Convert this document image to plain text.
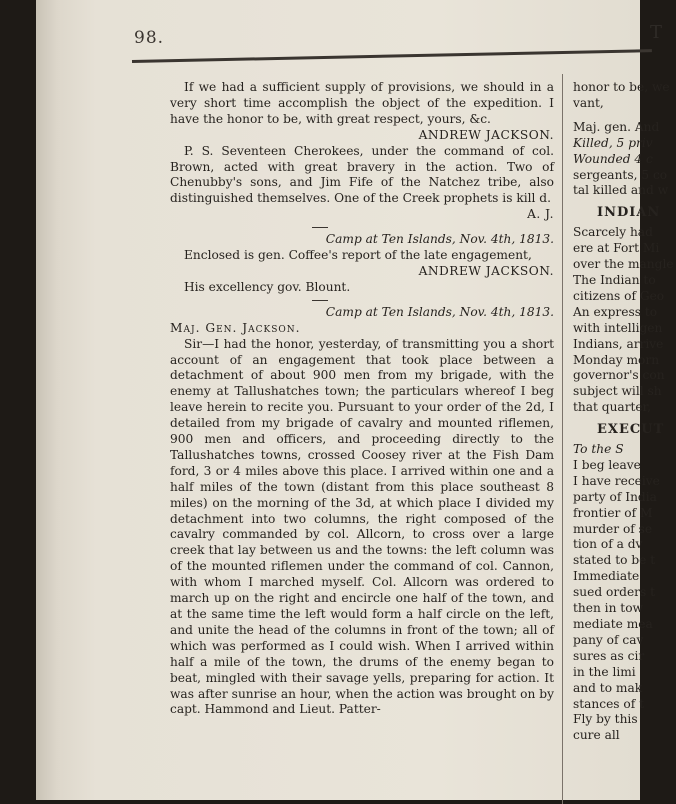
98.	T

If we had a sufficient supply of provisions, we should in a very short time accomplish the object of the expedition. I have the honor to be, with great respect, yours, &c.

ANDREW JACKSON.

P. S. Seventeen Cherokees, under the command of col. Brown, acted with great bravery in the action. Two of Chenubby's sons, and Jim Fife of the Natchez tribe, also distinguished themselves. One of the Creek prophets is kill d.

A. J.

Camp at Ten Islands, Nov. 4th, 1813.

Enclosed is gen. Coffee's report of the late engagement,

ANDREW JACKSON.

His excellency gov. Blount.

Camp at Ten Islands, Nov. 4th, 1813.

Maj. Gen. Jackson.

Sir—I had the honor, yesterday, of transmitting you a short account of an engagement that took place between a detachment of about 900 men from my brigade, with the enemy at Tallushatches town; the particulars whereof I beg leave herein to recite you. Pursuant to your order of the 2d, I detailed from my brigade of cavalry and mounted riflemen, 900 men and officers, and proceeding directly to the Tallushatches towns, crossed Coosey river at the Fish Dam ford, 3 or 4 miles above this place. I arrived within one and a half miles of the town (distant from this place southeast 8 miles) on the morning of the 3d, at which place I divided my detachment into two columns, the right composed of the cavalry commanded by col. Allcorn, to cross over a large creek that lay between us and the towns: the left column was of the mounted riflemen under the command of col. Cannon, with whom I marched myself. Col. Allcorn was ordered to march up on the right and encircle one half of the town, and at the same time the left would form a half circle on the left, and unite the head of the columns in front of the town; all of which was performed as I could wish. When I arrived within half a mile of the town, the drums of the enemy began to beat, mingled with their savage yells, preparing for action. It was after sunrise an hour, when the action was brought on by capt. Hammond and Lieut. Patter-

honor to be, we

vant,

Maj. gen. And

Killed, 5 priv

Wounded 4 c

sergeants, 5 co

tal killed and w

INDIAN

Scarcely had

ere at Fort Mi

over the mangle

The Indian to

citizens of Geo

An express to

with intelligen

Indians, arrive

Monday morn

governor's con

subject will sh

that quarter,

EXECUT

To the S

I beg leave

I have receive

party of India

frontier of M

murder of se

tion of a dv

stated to be t

Immediate

sued orders t

then in tow

mediate mea

pany of cav

sures as cir

in the limi

and to mak

stances of t

Fly by this

cure all
